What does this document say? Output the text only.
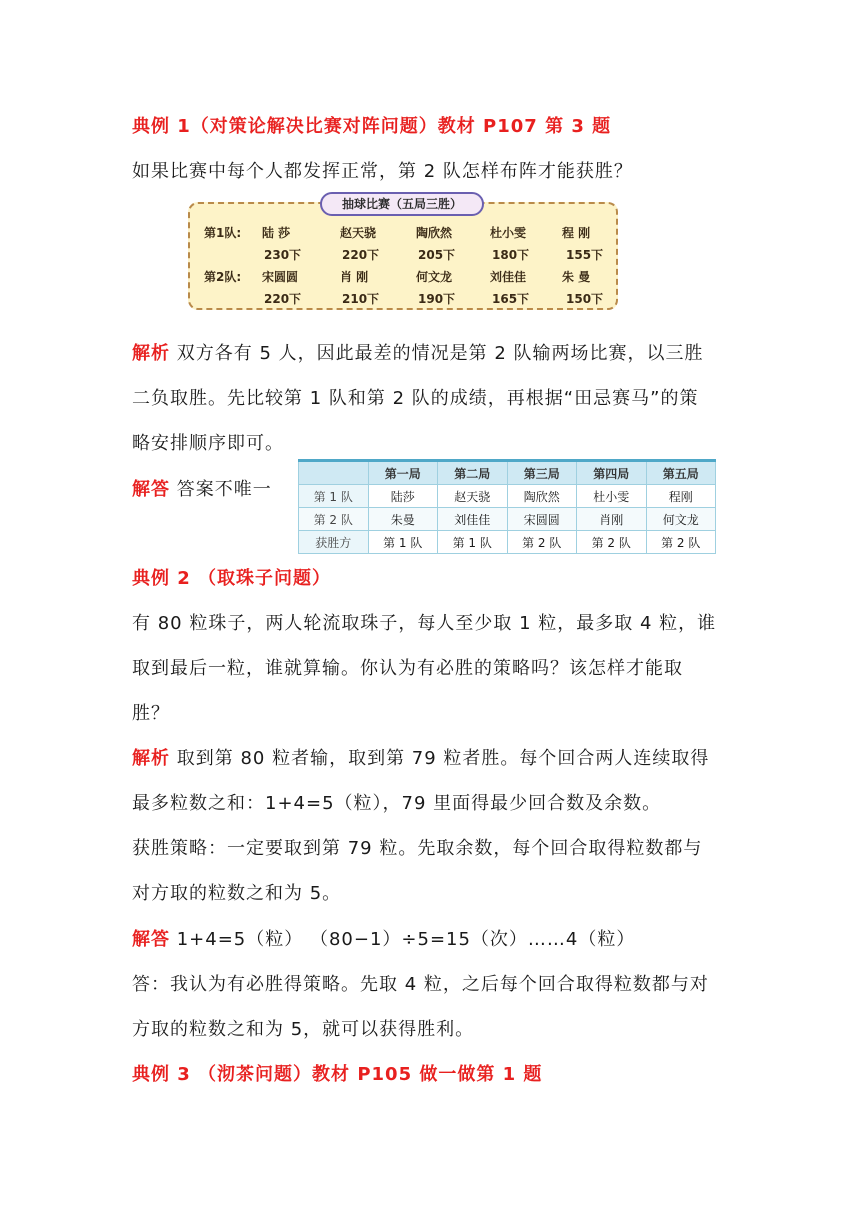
典例 1（对策论解决比赛对阵问题）教材 P107 第 3 题
如果比赛中每个人都发挥正常，第 2 队怎样布阵才能获胜？
抽球比赛（五局三胜）
第1队: 陆 莎	赵天骁	陶欣然	杜小雯	程 刚
230下	220下	205下	180下	155下
第2队: 宋圆圆	肖 刚	何文龙	刘佳佳	朱 曼
220下	210下	190下	165下	150下
解析 双方各有 5 人，因此最差的情况是第 2 队输两场比赛，以三胜
二负取胜。先比较第 1 队和第 2 队的成绩，再根据“田忌赛马”的策
略安排顺序即可。
解答 答案不唯一
	第一局	第二局	第三局	第四局	第五局
第 1 队	陆莎	赵天骁	陶欣然	杜小雯	程刚
第 2 队	朱曼	刘佳佳	宋圆圆	肖刚	何文龙
获胜方	第 1 队	第 1 队	第 2 队	第 2 队	第 2 队
典例 2 （取珠子问题）
有 80 粒珠子，两人轮流取珠子，每人至少取 1 粒，最多取 4 粒，谁
取到最后一粒，谁就算输。你认为有必胜的策略吗？该怎样才能取
胜？
解析 取到第 80 粒者输，取到第 79 粒者胜。每个回合两人连续取得
最多粒数之和：1+4=5（粒），79 里面得最少回合数及余数。
获胜策略：一定要取到第 79 粒。先取余数，每个回合取得粒数都与
对方取的粒数之和为 5。
解答 1+4=5（粒） （80−1）÷5=15（次）……4（粒）
答：我认为有必胜得策略。先取 4 粒，之后每个回合取得粒数都与对
方取的粒数之和为 5，就可以获得胜利。
典例 3 （沏茶问题）教材 P105 做一做第 1 题
